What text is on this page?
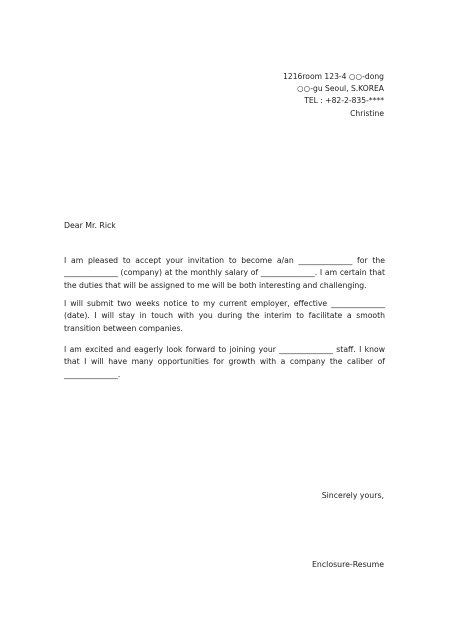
1216room 123-4 ○○-dong
○○-gu Seoul, S.KOREA
TEL : +82-2-835-****
Christine
Dear Mr. Rick
I am pleased to accept your invitation to become a/an ______________ for the ______________ (company) at the monthly salary of ______________. I am certain that the duties that will be assigned to me will be both interesting and challenging.
I will submit two weeks notice to my current employer, effective ______________ (date). I will stay in touch with you during the interim to facilitate a smooth transition between companies.
I am excited and eagerly look forward to joining your ______________ staff. I know that I will have many opportunities for growth with a company the caliber of ______________.
Sincerely yours,
Enclosure-Resume
